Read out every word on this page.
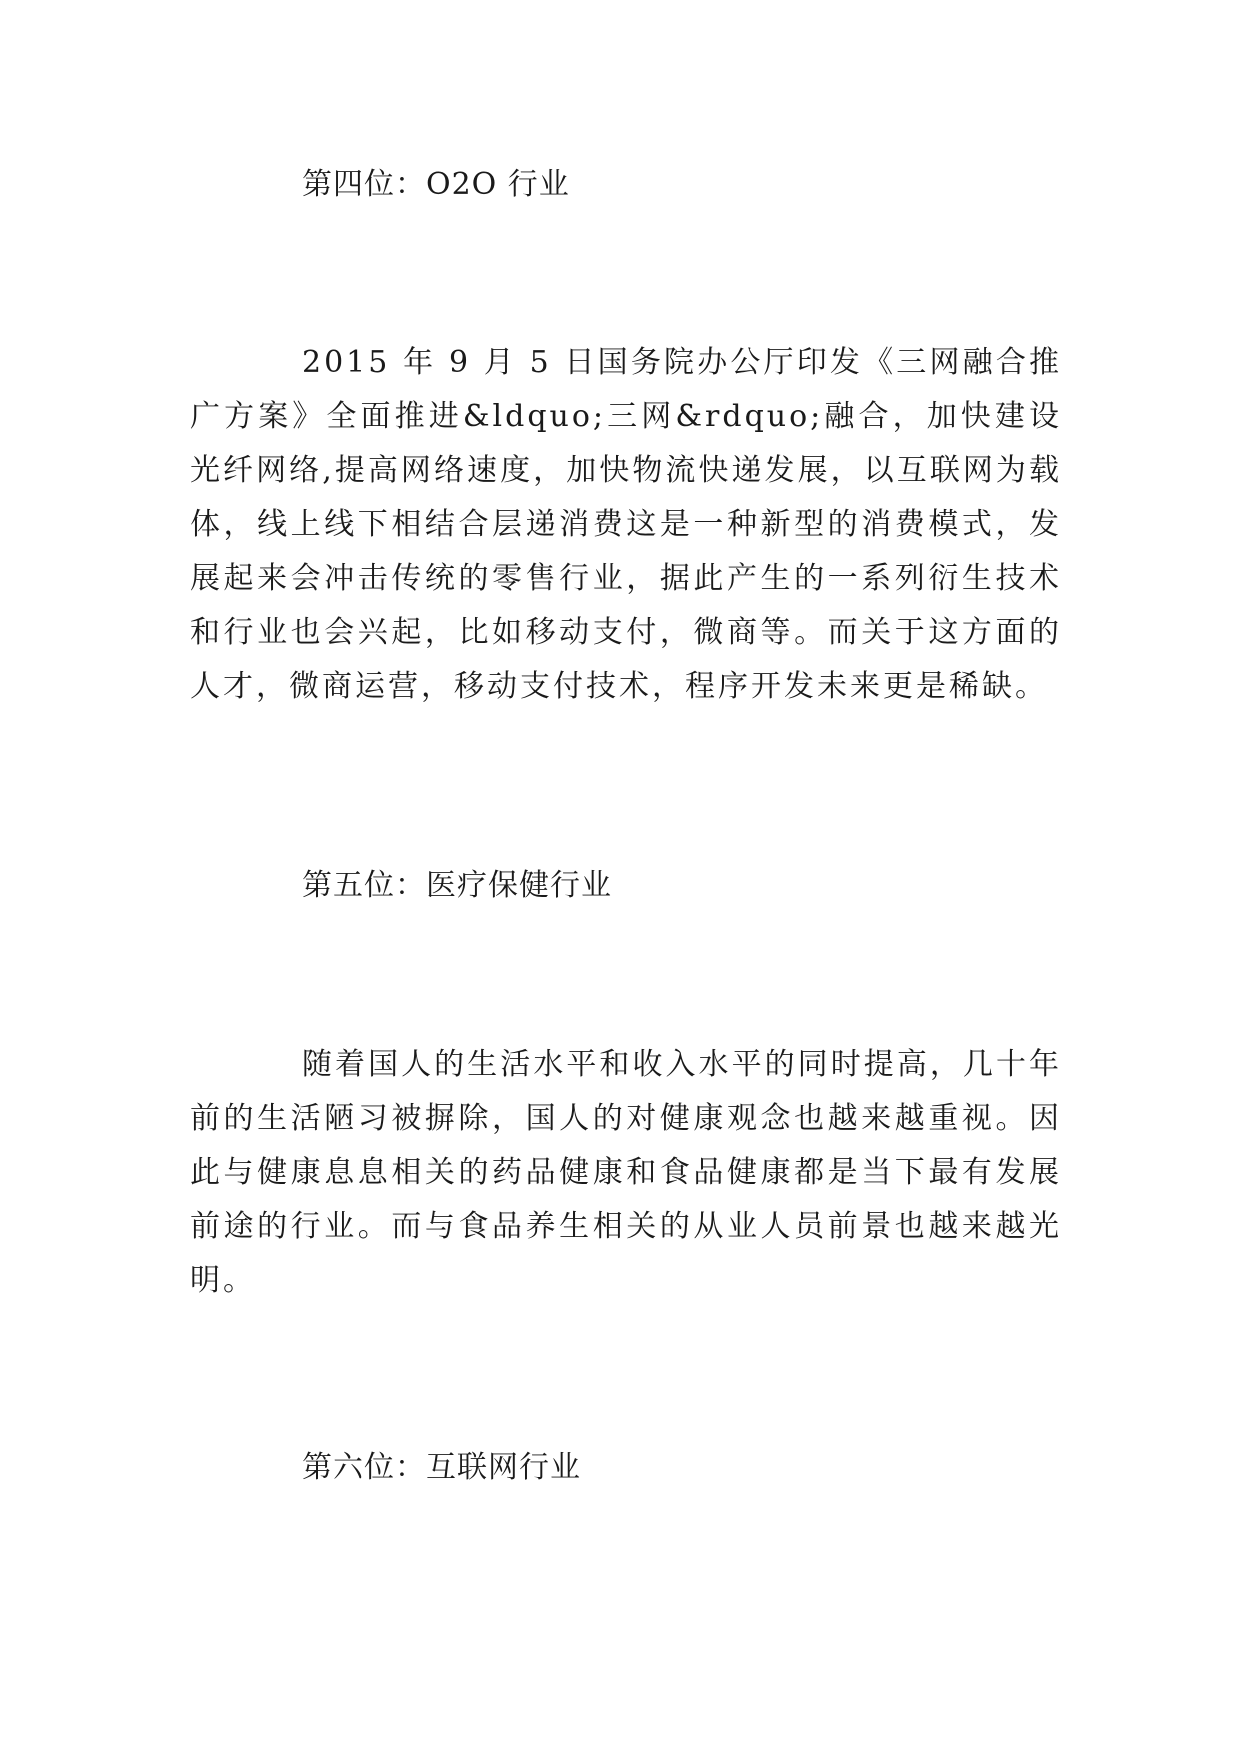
第四位：O2O 行业

2015 年 9 月 5 日国务院办公厅印发《三网融合推广方案》全面推进&ldquo;三网&rdquo;融合，加快建设光纤网络,提高网络速度，加快物流快递发展，以互联网为载体，线上线下相结合层递消费这是一种新型的消费模式，发展起来会冲击传统的零售行业，据此产生的一系列衍生技术和行业也会兴起，比如移动支付，微商等。而关于这方面的人才，微商运营，移动支付技术，程序开发未来更是稀缺。

第五位：医疗保健行业

随着国人的生活水平和收入水平的同时提高，几十年前的生活陋习被摒除，国人的对健康观念也越来越重视。因此与健康息息相关的药品健康和食品健康都是当下最有发展前途的行业。而与食品养生相关的从业人员前景也越来越光明。

第六位：互联网行业
